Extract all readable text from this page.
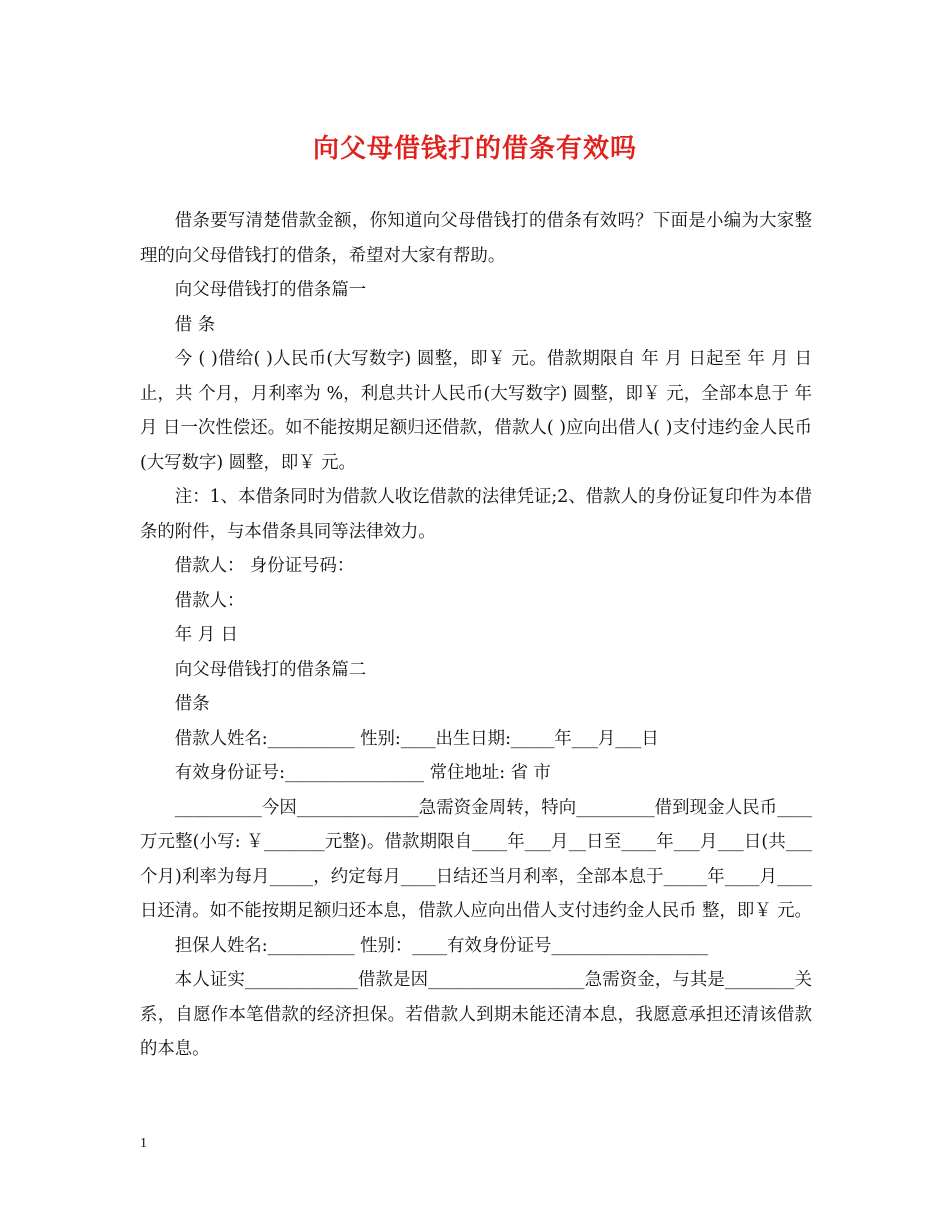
向父母借钱打的借条有效吗

借条要写清楚借款金额，你知道向父母借钱打的借条有效吗？下面是小编为大家整理的向父母借钱打的借条，希望对大家有帮助。

向父母借钱打的借条篇一

借 条

今 ( )借给( )人民币(大写数字) 圆整，即￥ 元。借款期限自 年 月 日起至 年 月 日止，共 个月，月利率为 %，利息共计人民币(大写数字) 圆整，即￥ 元，全部本息于 年 月 日一次性偿还。如不能按期足额归还借款，借款人( )应向出借人( )支付违约金人民币(大写数字) 圆整，即￥ 元。

注：1、本借条同时为借款人收讫借款的法律凭证;2、借款人的身份证复印件为本借条的附件，与本借条具同等法律效力。

借款人： 身份证号码：

借款人：

年 月 日

向父母借钱打的借条篇二

借条

借款人姓名:__________ 性别:____出生日期:_____年___月___日

有效身份证号:________________ 常住地址: 省 市

__________今因______________急需资金周转，特向_________借到现金人民币____万元整(小写: ￥_______元整)。借款期限自____年___月__日至____年___月___日(共___个月)利率为每月_____，约定每月____日结还当月利率，全部本息于_____年____月____日还清。如不能按期足额归还本息，借款人应向出借人支付违约金人民币 整，即￥ 元。

担保人姓名:__________ 性别：____有效身份证号__________________

本人证实_____________借款是因__________________急需资金，与其是________关系，自愿作本笔借款的经济担保。若借款人到期未能还清本息，我愿意承担还清该借款的本息。

1
